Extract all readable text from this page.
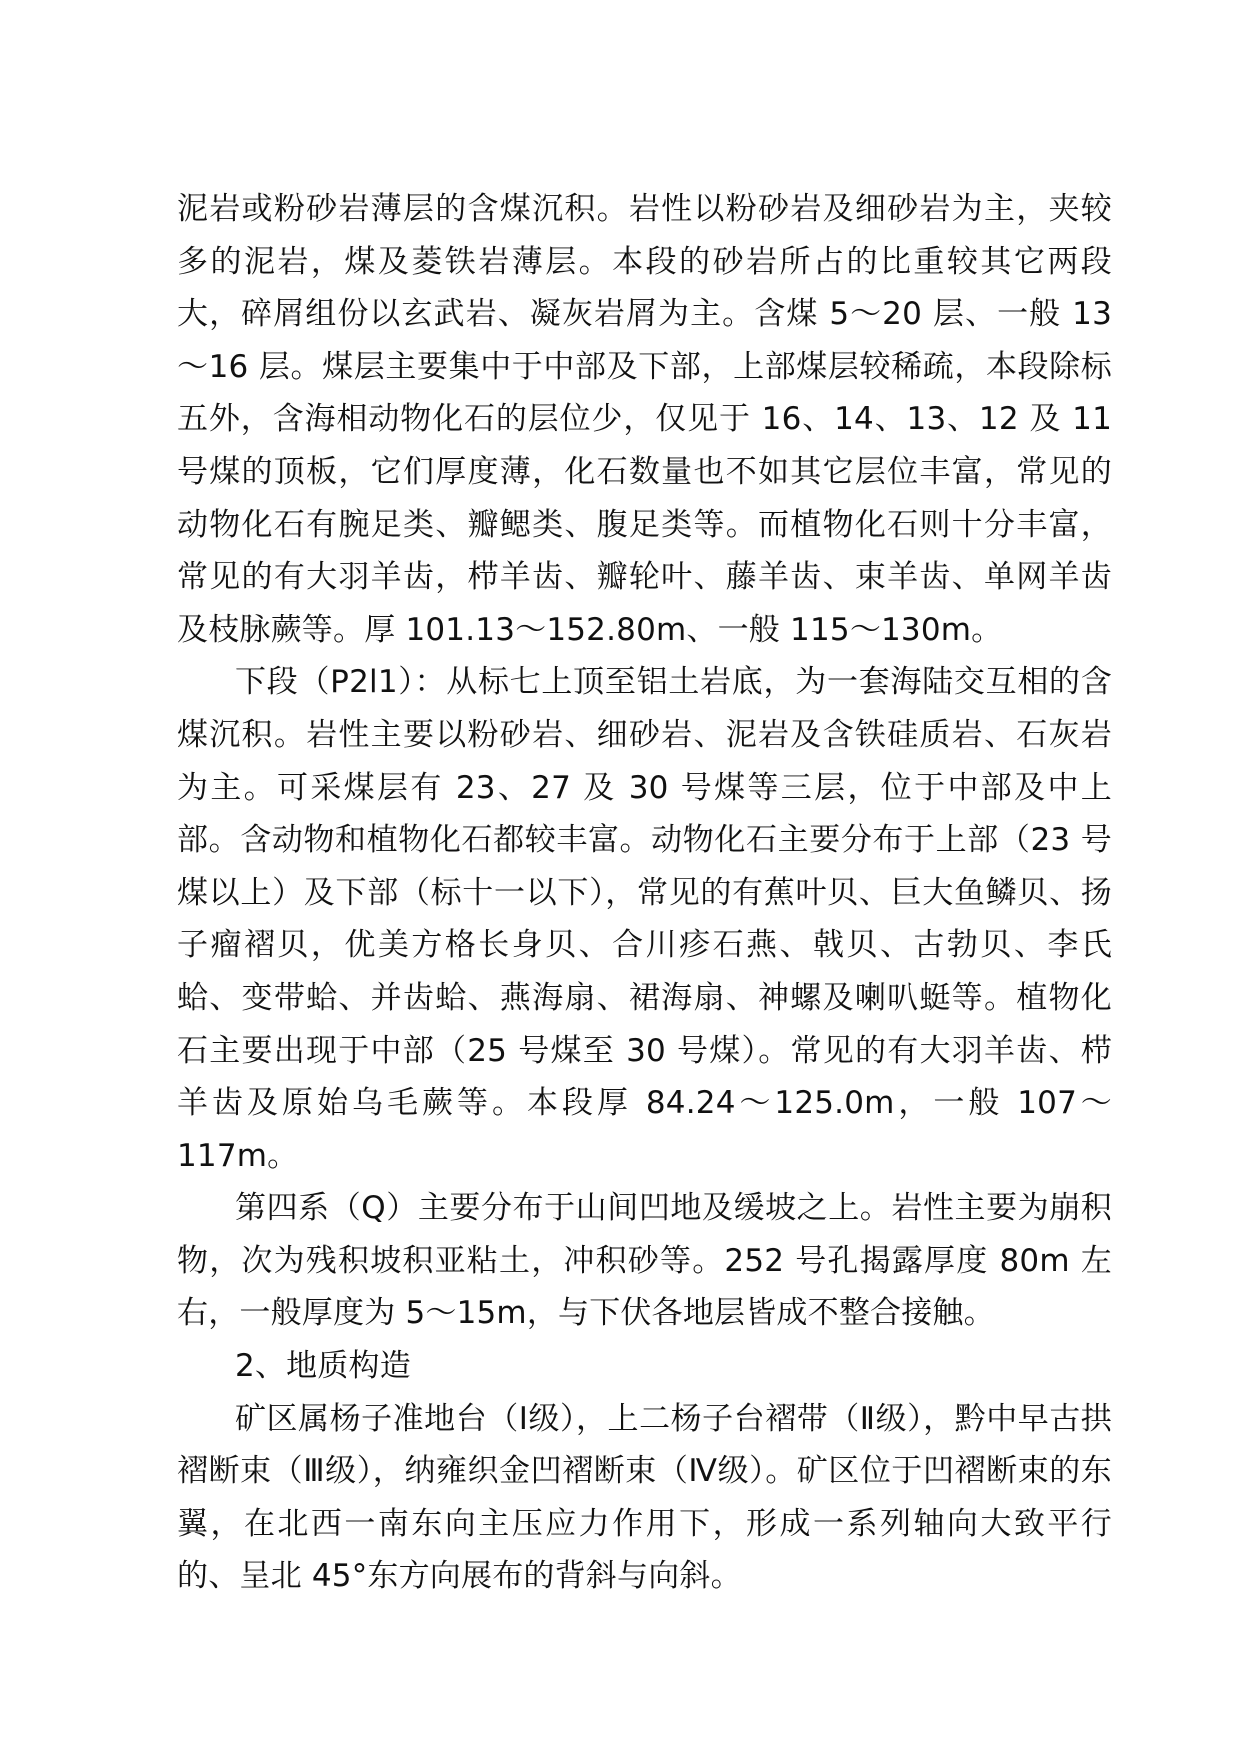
泥岩或粉砂岩薄层的含煤沉积。岩性以粉砂岩及细砂岩为主，夹较多的泥岩，煤及菱铁岩薄层。本段的砂岩所占的比重较其它两段大，碎屑组份以玄武岩、凝灰岩屑为主。含煤 5～20 层、一般 13～16 层。煤层主要集中于中部及下部，上部煤层较稀疏，本段除标五外，含海相动物化石的层位少，仅见于 16、14、13、12 及 11 号煤的顶板，它们厚度薄，化石数量也不如其它层位丰富，常见的动物化石有腕足类、瓣鳃类、腹足类等。而植物化石则十分丰富，常见的有大羽羊齿，栉羊齿、瓣轮叶、藤羊齿、束羊齿、单网羊齿及枝脉蕨等。厚 101.13～152.80m、一般 115～130m。

下段（P2l1）：从标七上顶至铝土岩底，为一套海陆交互相的含煤沉积。岩性主要以粉砂岩、细砂岩、泥岩及含铁硅质岩、石灰岩为主。可采煤层有 23、27 及 30 号煤等三层，位于中部及中上部。含动物和植物化石都较丰富。动物化石主要分布于上部（23 号煤以上）及下部（标十一以下），常见的有蕉叶贝、巨大鱼鳞贝、扬子瘤褶贝，优美方格长身贝、合川疹石燕、戟贝、古勃贝、李氏蛤、变带蛤、并齿蛤、燕海扇、裙海扇、神螺及喇叭蜓等。植物化石主要出现于中部（25 号煤至 30 号煤）。常见的有大羽羊齿、栉羊齿及原始乌毛蕨等。本段厚 84.24～125.0m，一般 107～117m。

第四系（Q）主要分布于山间凹地及缓坡之上。岩性主要为崩积物，次为残积坡积亚粘土，冲积砂等。252 号孔揭露厚度 80m 左右，一般厚度为 5～15m，与下伏各地层皆成不整合接触。

2、地质构造

矿区属杨子准地台（Ⅰ级），上二杨子台褶带（Ⅱ级），黔中早古拱褶断束（Ⅲ级），纳雍织金凹褶断束（Ⅳ级）。矿区位于凹褶断束的东翼，在北西一南东向主压应力作用下，形成一系列轴向大致平行的、呈北 45°东方向展布的背斜与向斜。
